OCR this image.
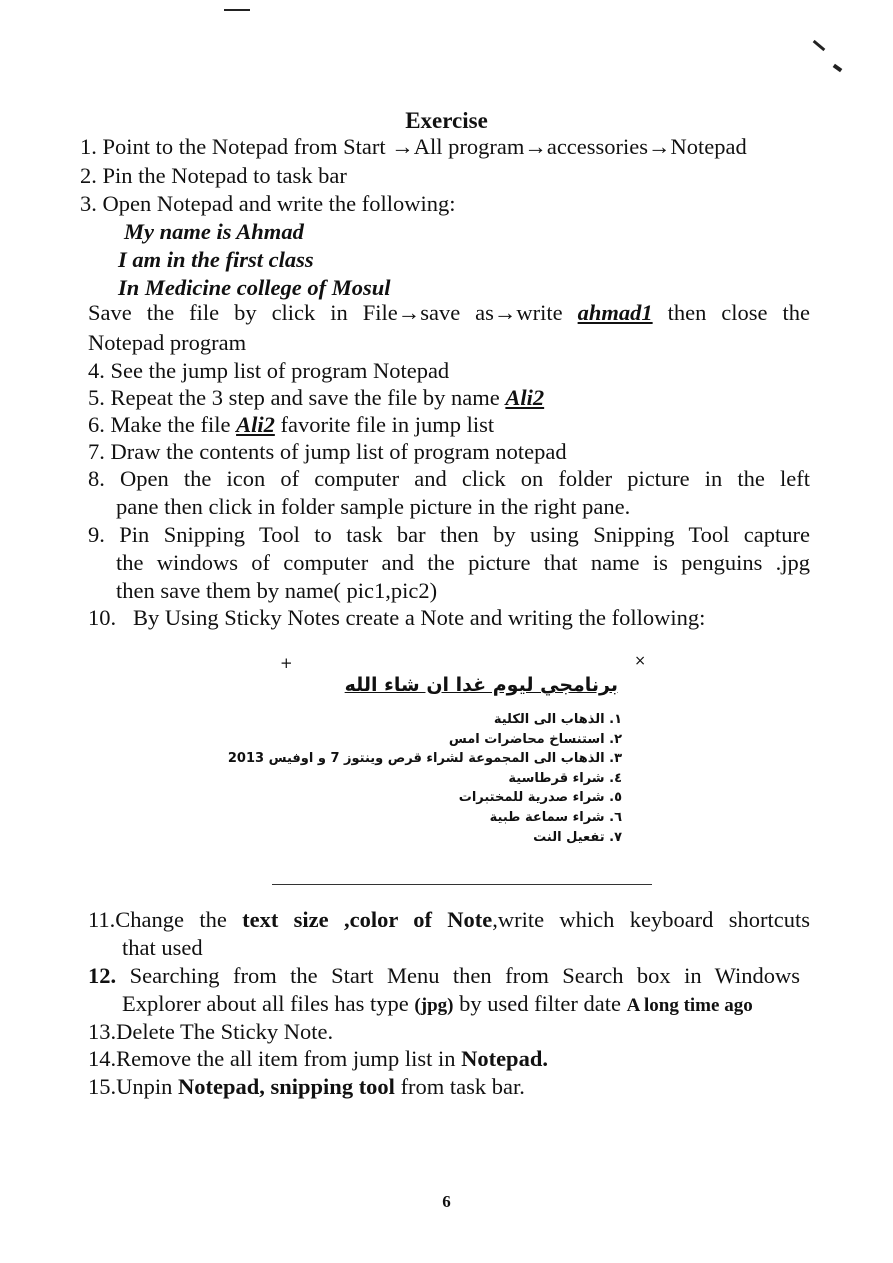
Exercise
1. Point to the Notepad from Start →All program→accessories→Notepad
2. Pin the Notepad to task bar
3. Open Notepad and write the following:
My name is Ahmad
I am in the first class
In Medicine college of Mosul
Save the file by click in File→save as→write ahmad1 then close the
Notepad program
4. See the jump list of program Notepad
5. Repeat the 3 step and save the file by name Ali2
6. Make the file Ali2 favorite file in jump list
7. Draw the contents of jump list of program notepad
8. Open the icon of computer and click on folder picture in the left
pane then click in folder sample picture in the right pane.
9. Pin Snipping Tool to task bar then by using Snipping Tool capture
the windows of computer and the picture that name is penguins .jpg
then save them by name( pic1,pic2)
10. By Using Sticky Notes create a Note and writing the following:
+	×
برنامجي ليوم غدا ان شاء الله
١. الذهاب الى الكلية
٢. استنساخ محاضرات امس
٣. الذهاب الى المجموعة لشراء قرص وينتوز 7 و اوفيس 2013
٤. شراء قرطاسية
٥. شراء صدرية للمختبرات
٦. شراء سماعة طبية
٧. تفعيل النت
11.Change the text size ,color of Note,write which keyboard shortcuts
that used
12. Searching from the Start Menu then from Search box in Windows
Explorer about all files has type (jpg) by used filter date A long time ago
13.Delete The Sticky Note.
14.Remove the all item from jump list in Notepad.
15.Unpin Notepad, snipping tool from task bar.
6
